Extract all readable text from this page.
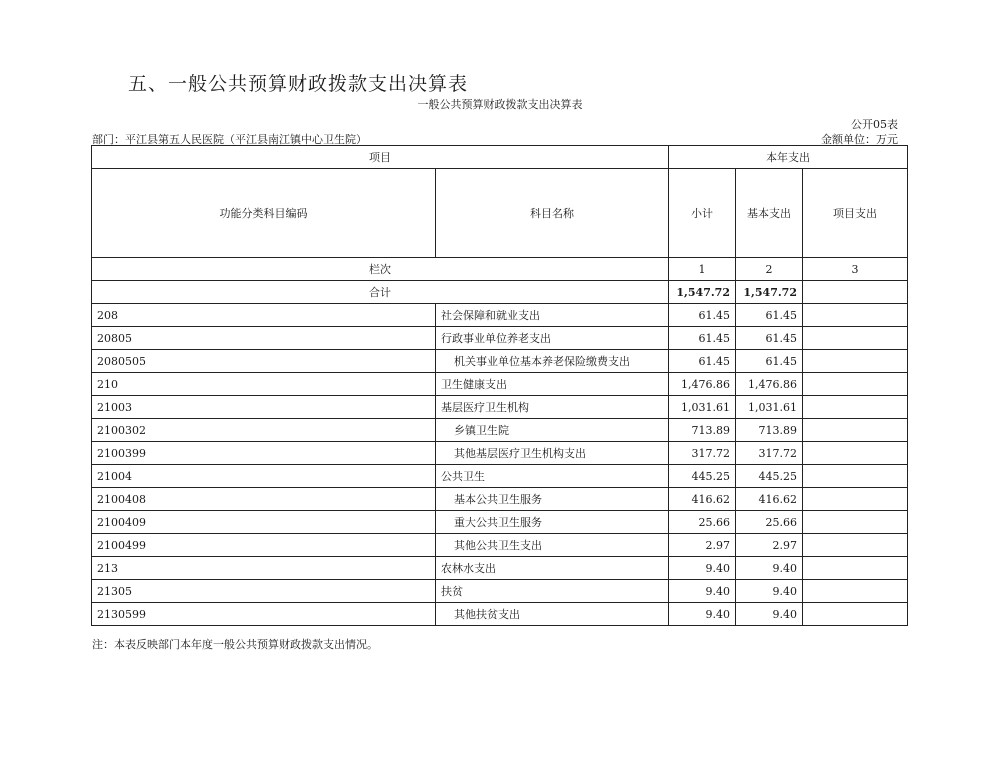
五、一般公共预算财政拨款支出决算表
一般公共预算财政拨款支出决算表
公开05表
部门：平江县第五人民医院（平江县南江镇中心卫生院）	金额单位：万元
项目		本年支出		
功能分类科目编码	科目名称	小计	基本支出	项目支出
栏次		1	2	3
合计		1,547.72	1,547.72	
208	社会保障和就业支出	61.45	61.45	
20805	行政事业单位养老支出	61.45	61.45	
2080505	机关事业单位基本养老保险缴费支出	61.45	61.45	
210	卫生健康支出	1,476.86	1,476.86	
21003	基层医疗卫生机构	1,031.61	1,031.61	
2100302	乡镇卫生院	713.89	713.89	
2100399	其他基层医疗卫生机构支出	317.72	317.72	
21004	公共卫生	445.25	445.25	
2100408	基本公共卫生服务	416.62	416.62	
2100409	重大公共卫生服务	25.66	25.66	
2100499	其他公共卫生支出	2.97	2.97	
213	农林水支出	9.40	9.40	
21305	扶贫	9.40	9.40	
2130599	其他扶贫支出	9.40	9.40	
注：本表反映部门本年度一般公共预算财政拨款支出情况。
